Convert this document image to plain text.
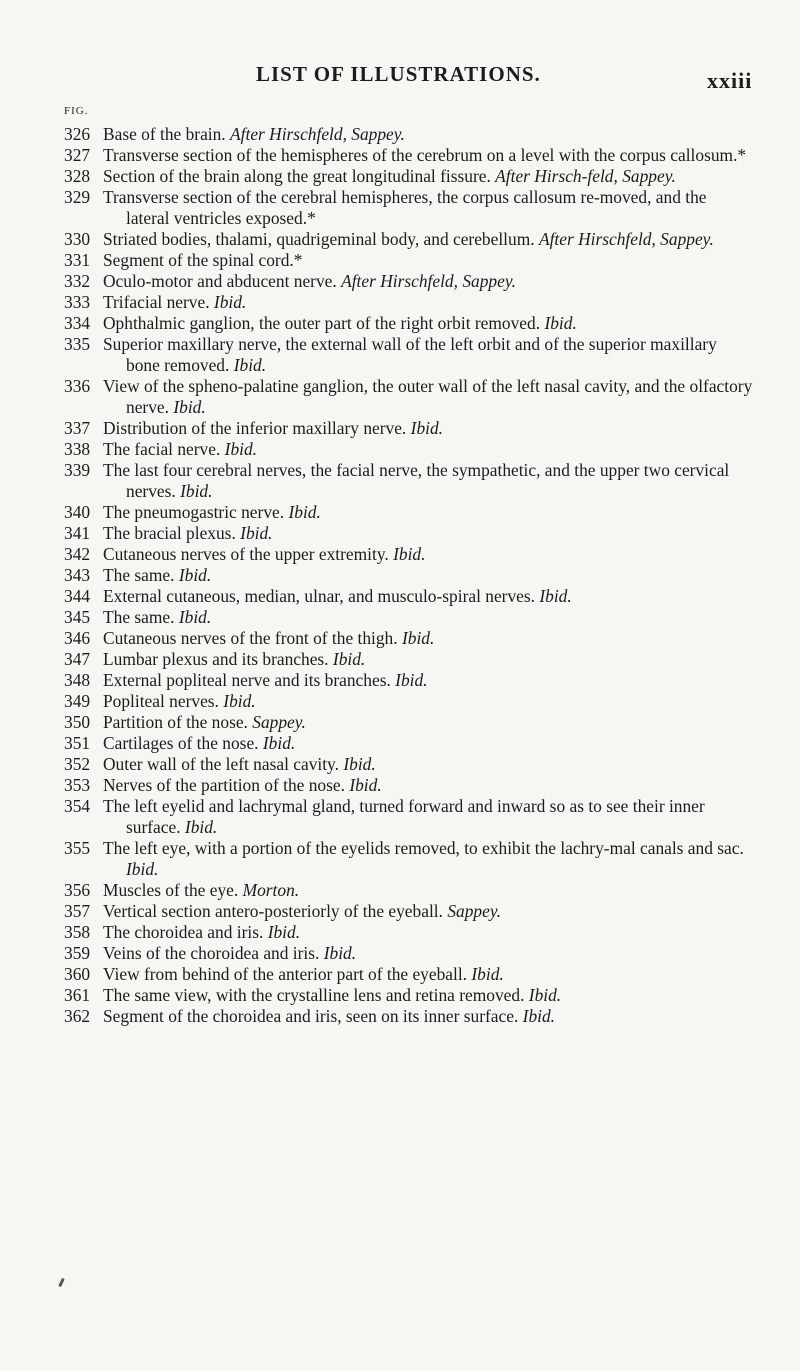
LIST OF ILLUSTRATIONS.	xxiii
FIG.
326 Base of the brain. After Hirschfeld, Sappey.
327 Transverse section of the hemispheres of the cerebrum on a level with the corpus callosum.*
328 Section of the brain along the great longitudinal fissure. After Hirsch-feld, Sappey.
329 Transverse section of the cerebral hemispheres, the corpus callosum re-moved, and the lateral ventricles exposed.*
330 Striated bodies, thalami, quadrigeminal body, and cerebellum. After Hirschfeld, Sappey.
331 Segment of the spinal cord.*
332 Oculo-motor and abducent nerve. After Hirschfeld, Sappey.
333 Trifacial nerve. Ibid.
334 Ophthalmic ganglion, the outer part of the right orbit removed. Ibid.
335 Superior maxillary nerve, the external wall of the left orbit and of the superior maxillary bone removed. Ibid.
336 View of the spheno-palatine ganglion, the outer wall of the left nasal cavity, and the olfactory nerve. Ibid.
337 Distribution of the inferior maxillary nerve. Ibid.
338 The facial nerve. Ibid.
339 The last four cerebral nerves, the facial nerve, the sympathetic, and the upper two cervical nerves. Ibid.
340 The pneumogastric nerve. Ibid.
341 The bracial plexus. Ibid.
342 Cutaneous nerves of the upper extremity. Ibid.
343 The same. Ibid.
344 External cutaneous, median, ulnar, and musculo-spiral nerves. Ibid.
345 The same. Ibid.
346 Cutaneous nerves of the front of the thigh. Ibid.
347 Lumbar plexus and its branches. Ibid.
348 External popliteal nerve and its branches. Ibid.
349 Popliteal nerves. Ibid.
350 Partition of the nose. Sappey.
351 Cartilages of the nose. Ibid.
352 Outer wall of the left nasal cavity. Ibid.
353 Nerves of the partition of the nose. Ibid.
354 The left eyelid and lachrymal gland, turned forward and inward so as to see their inner surface. Ibid.
355 The left eye, with a portion of the eyelids removed, to exhibit the lachry-mal canals and sac. Ibid.
356 Muscles of the eye. Morton.
357 Vertical section antero-posteriorly of the eyeball. Sappey.
358 The choroidea and iris. Ibid.
359 Veins of the choroidea and iris. Ibid.
360 View from behind of the anterior part of the eyeball. Ibid.
361 The same view, with the crystalline lens and retina removed. Ibid.
362 Segment of the choroidea and iris, seen on its inner surface. Ibid.
